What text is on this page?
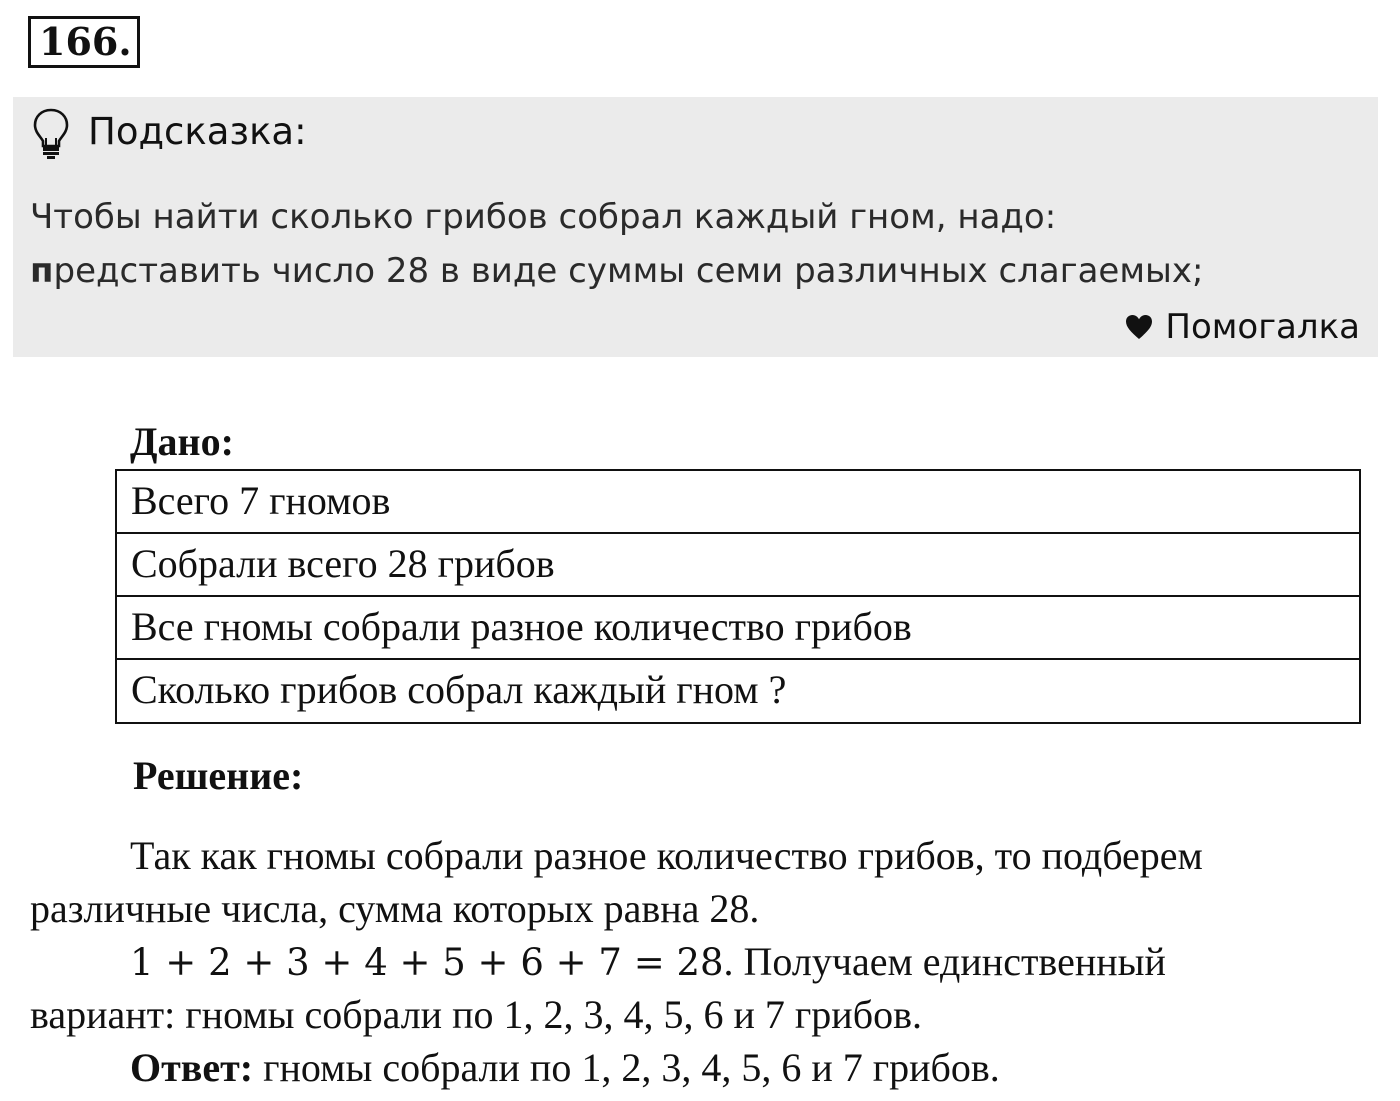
166.
Подсказка:
Чтобы найти сколько грибов собрал каждый гном, надо:
представить число 28 в виде суммы семи различных слагаемых;
Помогалка
Дано:
Всего 7 гномов
Собрали всего 28 грибов
Все гномы собрали разное количество грибов
Сколько грибов собрал каждый гном ?
Решение:
Так как гномы собрали разное количество грибов, то подберем
различные числа, сумма которых равна 28.
1 + 2 + 3 + 4 + 5 + 6 + 7 = 28. Получаем единственный
вариант: гномы собрали по 1, 2, 3, 4, 5, 6 и 7 грибов.
Ответ: гномы собрали по 1, 2, 3, 4, 5, 6 и 7 грибов.
